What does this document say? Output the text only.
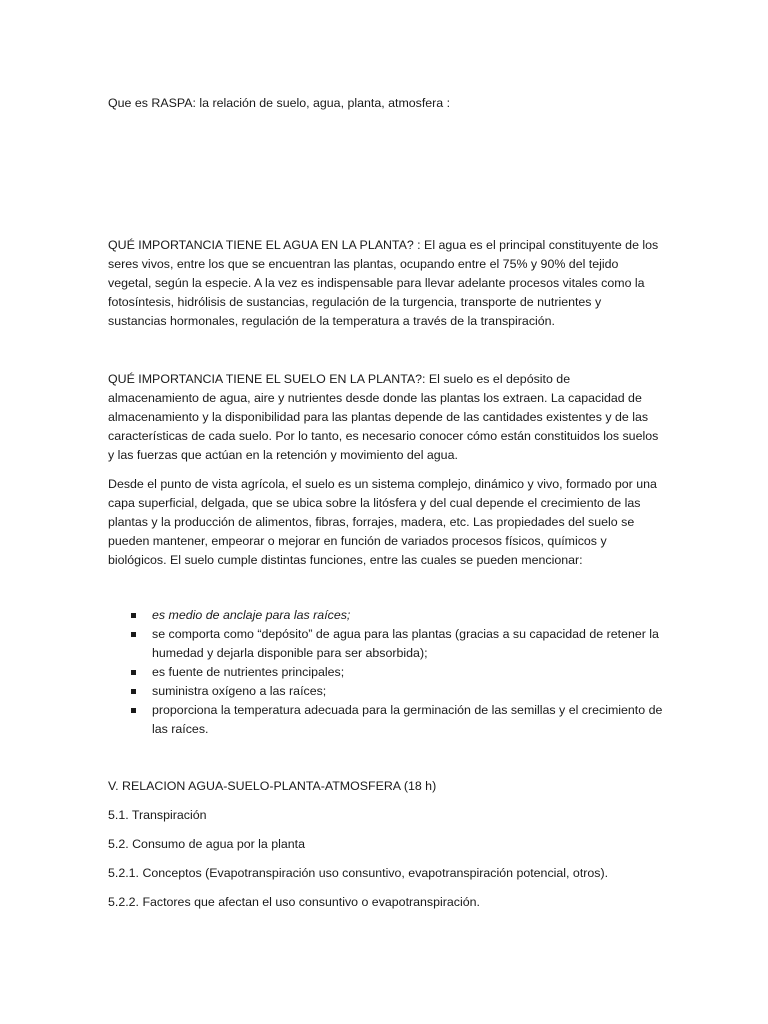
Que es RASPA: la relación de suelo, agua, planta, atmosfera :

QUÉ IMPORTANCIA TIENE EL AGUA EN LA PLANTA? : El agua es el principal constituyente de los seres vivos, entre los que se encuentran las plantas, ocupando entre el 75% y 90% del tejido vegetal, según la especie. A la vez es indispensable para llevar adelante procesos vitales como la fotosíntesis, hidrólisis de sustancias, regulación de la turgencia, transporte de nutrientes y sustancias hormonales, regulación de la temperatura a través de la transpiración.

QUÉ IMPORTANCIA TIENE EL SUELO EN LA PLANTA?: El suelo es el depósito de almacenamiento de agua, aire y nutrientes desde donde las plantas los extraen. La capacidad de almacenamiento y la disponibilidad para las plantas depende de las cantidades existentes y de las características de cada suelo. Por lo tanto, es necesario conocer cómo están constituidos los suelos y las fuerzas que actúan en la retención y movimiento del agua.

Desde el punto de vista agrícola, el suelo es un sistema complejo, dinámico y vivo, formado por una capa superficial, delgada, que se ubica sobre la litósfera y del cual depende el crecimiento de las plantas y la producción de alimentos, fibras, forrajes, madera, etc. Las propiedades del suelo se pueden mantener, empeorar o mejorar en función de variados procesos físicos, químicos y biológicos. El suelo cumple distintas funciones, entre las cuales se pueden mencionar:

es medio de anclaje para las raíces;
se comporta como “depósito” de agua para las plantas (gracias a su capacidad de retener la humedad y dejarla disponible para ser absorbida);
es fuente de nutrientes principales;
suministra oxígeno a las raíces;
proporciona la temperatura adecuada para la germinación de las semillas y el crecimiento de las raíces.

V. RELACION AGUA-SUELO-PLANTA-ATMOSFERA (18 h)

5.1. Transpiración

5.2. Consumo de agua por la planta

5.2.1. Conceptos (Evapotranspiración uso consuntivo, evapotranspiración potencial, otros).

5.2.2. Factores que afectan el uso consuntivo o evapotranspiración.
